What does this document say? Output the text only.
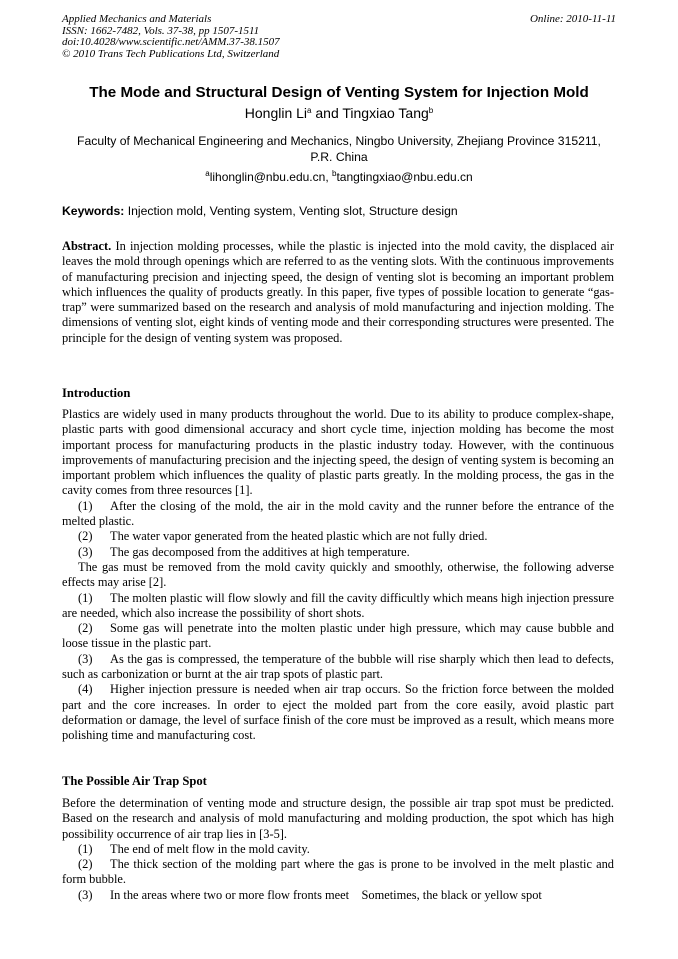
Applied Mechanics and Materials
ISSN: 1662-7482, Vols. 37-38, pp 1507-1511
doi:10.4028/www.scientific.net/AMM.37-38.1507
© 2010 Trans Tech Publications Ltd, Switzerland
Online: 2010-11-11
The Mode and Structural Design of Venting System for Injection Mold
Honglin Li$^a$ and Tingxiao Tang$^b$
Faculty of Mechanical Engineering and Mechanics, Ningbo University, Zhejiang Province 315211,
P.R. China
$^a$lihonglin@nbu.edu.cn, $^b$tangtingxiao@nbu.edu.cn
Keywords: Injection mold, Venting system, Venting slot, Structure design

Abstract. In injection molding processes, while the plastic is injected into the mold cavity, the displaced air leaves the mold through openings which are referred to as the venting slots. With the continuous improvements of manufacturing precision and injecting speed, the design of venting slot is becoming an important problem which influences the quality of products greatly. In this paper, five types of possible location to generate “gas-trap” were summarized based on the research and analysis of mold manufacturing and injection molding. The dimensions of venting slot, eight kinds of venting mode and their corresponding structures were presented. The principle for the design of venting system was proposed.

Introduction

Plastics are widely used in many products throughout the world. Due to its ability to produce complex-shape, plastic parts with good dimensional accuracy and short cycle time, injection molding has become the most important process for manufacturing products in the plastic industry today. However, with the continuous improvements of manufacturing precision and the injecting speed, the design of venting system is becoming an important problem which influences the quality of plastic parts greatly. In the molding process, the gas in the cavity comes from three resources [1].

(1) After the closing of the mold, the air in the mold cavity and the runner before the entrance of the melted plastic.

(2) The water vapor generated from the heated plastic which are not fully dried.

(3) The gas decomposed from the additives at high temperature.

The gas must be removed from the mold cavity quickly and smoothly, otherwise, the following adverse effects may arise [2].

(1) The molten plastic will flow slowly and fill the cavity difficultly which means high injection pressure are needed, which also increase the possibility of short shots.

(2) Some gas will penetrate into the molten plastic under high pressure, which may cause bubble and loose tissue in the plastic part.

(3) As the gas is compressed, the temperature of the bubble will rise sharply which then lead to defects, such as carbonization or burnt at the air trap spots of plastic part.

(4) Higher injection pressure is needed when air trap occurs. So the friction force between the molded part and the core increases. In order to eject the molded part from the core easily, avoid plastic part deformation or damage, the level of surface finish of the core must be improved as a result, which means more polishing time and manufacturing cost.

The Possible Air Trap Spot

Before the determination of venting mode and structure design, the possible air trap spot must be predicted. Based on the research and analysis of mold manufacturing and molding production, the spot which has high possibility occurrence of air trap lies in [3-5].

(1) The end of melt flow in the mold cavity.

(2) The thick section of the molding part where the gas is prone to be involved in the melt plastic and form bubble.

(3) In the areas where two or more flow fronts meet    Sometimes, the black or yellow spot
